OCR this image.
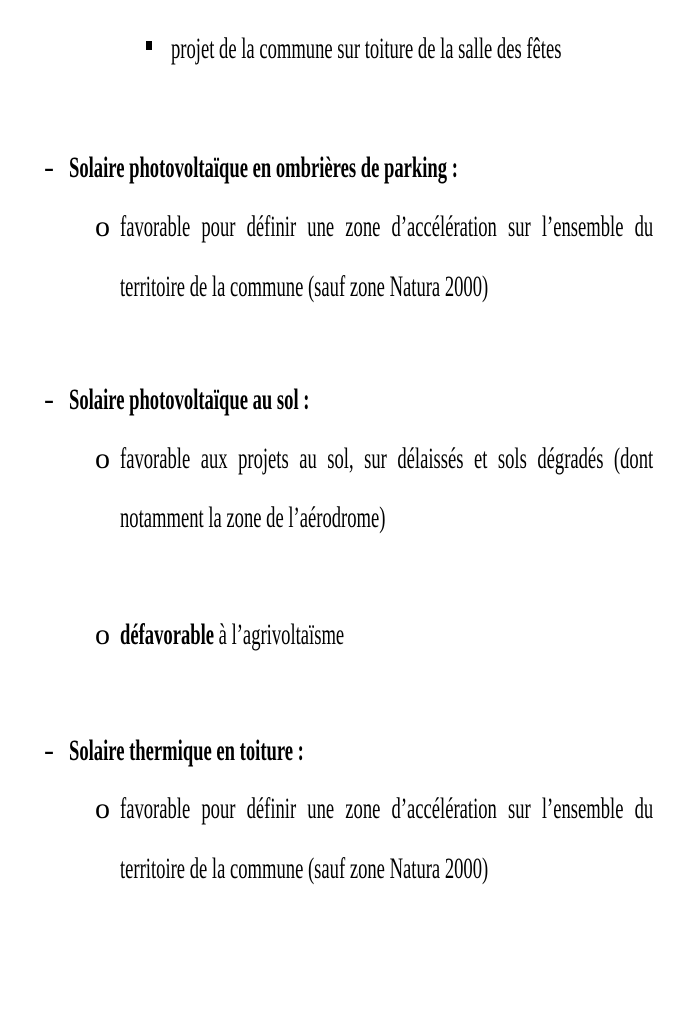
projet de la commune sur toiture de la salle des fêtes
- Solaire photovoltaïque en ombrières de parking :
o favorable pour définir une zone d’accélération sur l’ensemble du
territoire de la commune (sauf zone Natura 2000)
- Solaire photovoltaïque au sol :
o favorable aux projets au sol, sur délaissés et sols dégradés (dont
notamment la zone de l’aérodrome)
o défavorable à l’agrivoltaïsme
- Solaire thermique en toiture :
o favorable pour définir une zone d’accélération sur l’ensemble du
territoire de la commune (sauf zone Natura 2000)
